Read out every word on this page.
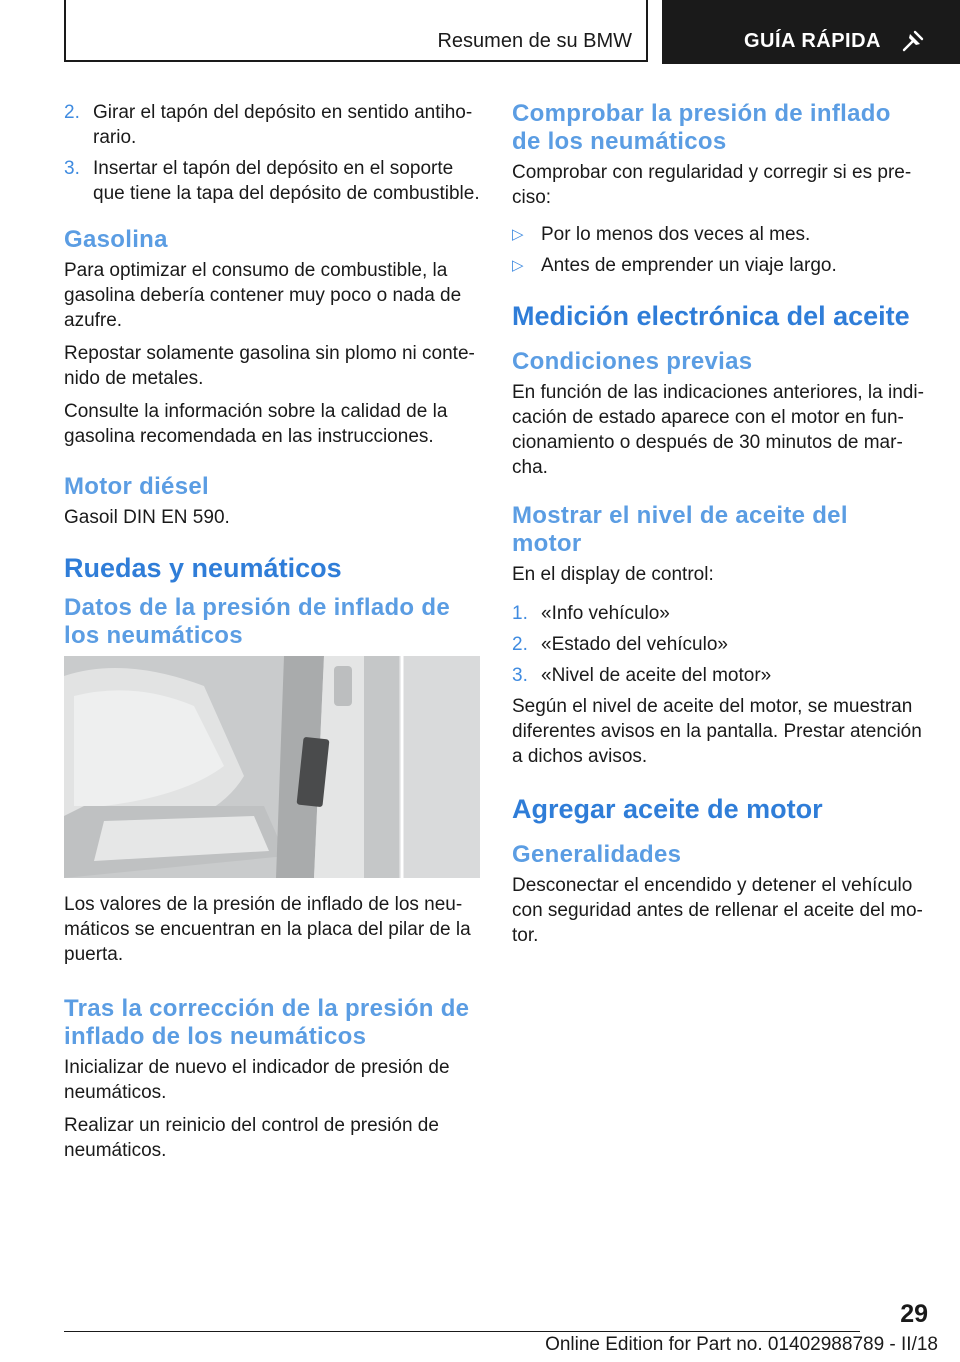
Resumen de su BMW	GUÍA RÁPIDA
2. Girar el tapón del depósito en sentido antihorario.
3. Insertar el tapón del depósito en el soporte que tiene la tapa del depósito de combustible.
Gasolina

Para optimizar el consumo de combustible, la gasolina debería contener muy poco o nada de azufre.

Repostar solamente gasolina sin plomo ni contenido de metales.

Consulte la información sobre la calidad de la gasolina recomendada en las instrucciones.

Motor diésel

Gasoil DIN EN 590.

Ruedas y neumáticos
Datos de la presión de inflado de los neumáticos

Los valores de la presión de inflado de los neumáticos se encuentran en la placa del pilar de la puerta.

Tras la corrección de la presión de inflado de los neumáticos

Inicializar de nuevo el indicador de presión de neumáticos.

Realizar un reinicio del control de presión de neumáticos.

Comprobar la presión de inflado de los neumáticos

Comprobar con regularidad y corregir si es preciso:

▷ Por lo menos dos veces al mes.
▷ Antes de emprender un viaje largo.
Medición electrónica del aceite
Condiciones previas

En función de las indicaciones anteriores, la indicación de estado aparece con el motor en funcionamiento o después de 30 minutos de marcha.

Mostrar el nivel de aceite del motor

En el display de control:

1. «Info vehículo»
2. «Estado del vehículo»
3. «Nivel de aceite del motor»

Según el nivel de aceite del motor, se muestran diferentes avisos en la pantalla. Prestar atención a dichos avisos.

Agregar aceite de motor
Generalidades

Desconectar el encendido y detener el vehículo con seguridad antes de rellenar el aceite del motor.

29
Online Edition for Part no. 01402988789 - II/18
